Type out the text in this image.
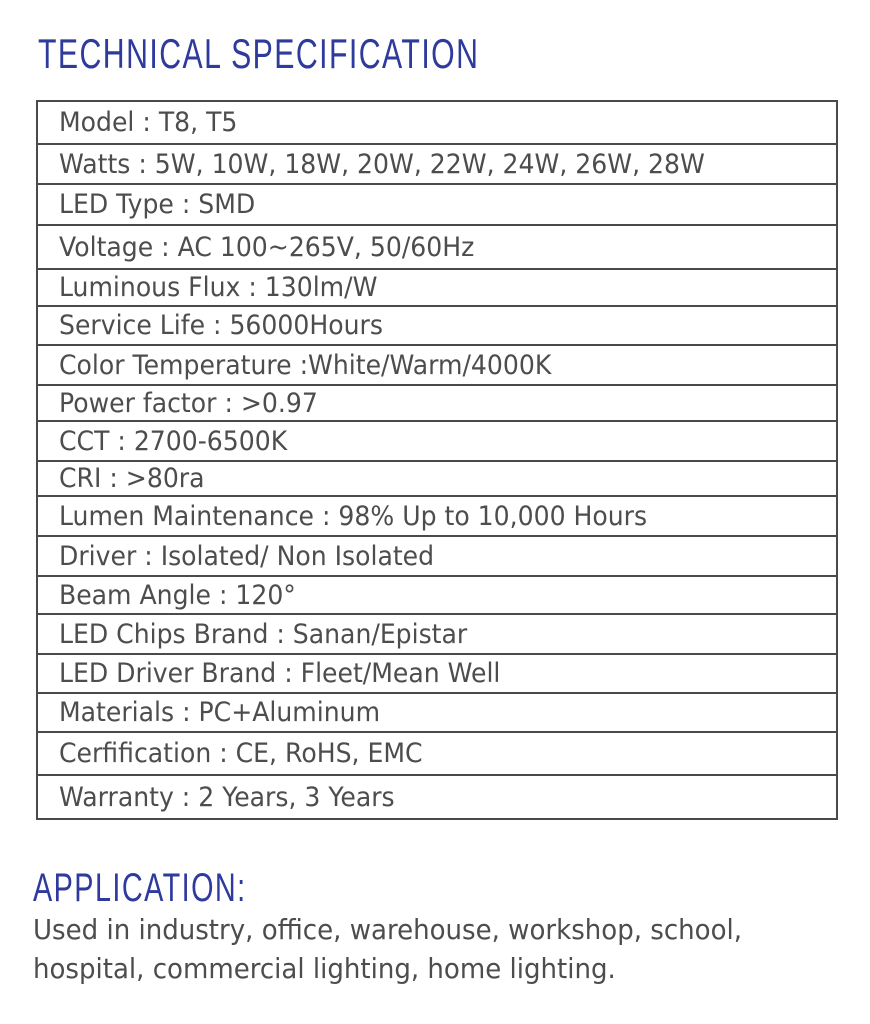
TECHNICAL SPECIFICATION
Model : T8, T5
Watts : 5W, 10W, 18W, 20W, 22W, 24W, 26W, 28W
LED Type : SMD
Voltage : AC 100~265V, 50/60Hz
Luminous Flux : 130lm/W
Service Life : 56000Hours
Color Temperature :White/Warm/4000K
Power factor : >0.97
CCT : 2700-6500K
CRI : >80ra
Lumen Maintenance : 98% Up to 10,000 Hours
Driver : Isolated/ Non Isolated
Beam Angle : 120°
LED Chips Brand : Sanan/Epistar
LED Driver Brand : Fleet/Mean Well
Materials : PC+Aluminum
Cerfification : CE, RoHS, EMC
Warranty : 2 Years, 3 Years
APPLICATION:

Used in industry, office, warehouse, workshop, school,
hospital, commercial lighting, home lighting.
